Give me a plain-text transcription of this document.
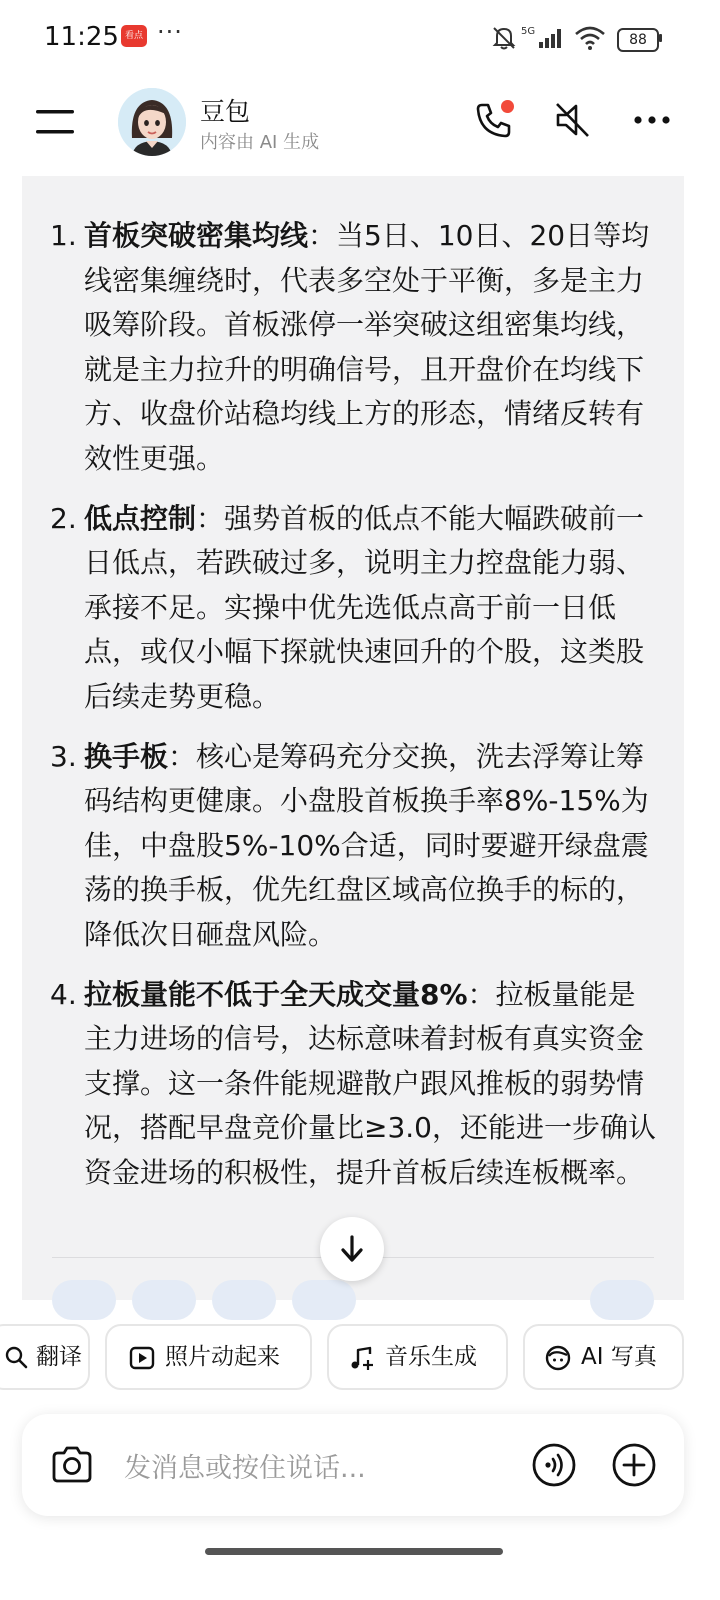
11:25 看点 ···	5G
88
豆包
内容由 AI 生成
1. 首板突破密集均线：当5日、10日、20日等均线密集缠绕时，代表多空处于平衡，多是主力吸筹阶段。首板涨停一举突破这组密集均线，就是主力拉升的明确信号，且开盘价在均线下方、收盘价站稳均线上方的形态，情绪反转有效性更强。
2. 低点控制：强势首板的低点不能大幅跌破前一日低点，若跌破过多，说明主力控盘能力弱、承接不足。实操中优先选低点高于前一日低点，或仅小幅下探就快速回升的个股，这类股后续走势更稳。
3. 换手板：核心是筹码充分交换，洗去浮筹让筹码结构更健康。小盘股首板换手率8%-15%为佳，中盘股5%-10%合适，同时要避开绿盘震荡的换手板，优先红盘区域高位换手的标的，降低次日砸盘风险。
4. 拉板量能不低于全天成交量8%：拉板量能是主力进场的信号，达标意味着封板有真实资金支撑。这一条件能规避散户跟风推板的弱势情况，搭配早盘竞价量比≥3.0，还能进一步确认资金进场的积极性，提升首板后续连板概率。
翻译	照片动起来	音乐生成	AI 写真
发消息或按住说话...
